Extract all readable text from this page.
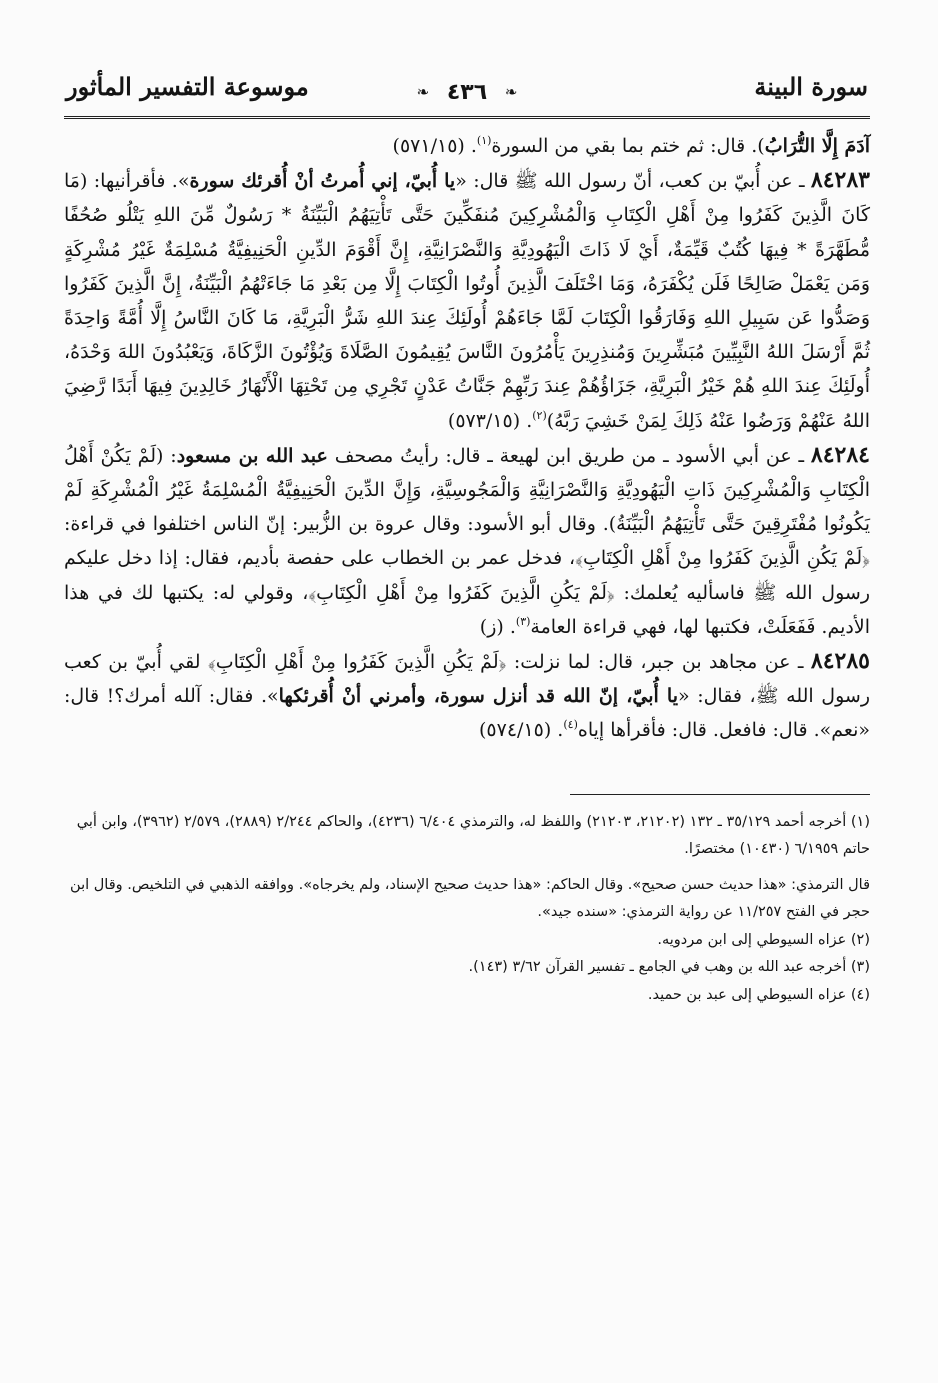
سورة البينة
❧ ٤٣٦ ❧
موسوعة التفسير المأثور

آدَمَ إِلَّا التُّرَابُ). قال: ثم ختم بما بقي من السورة$^{(١)}$. (٥٧١/١٥)

٨٤٢٨٣ ـ عن أُبيّ بن كعب، أنّ رسول الله ﷺ قال: «يا أُبيّ، إني أُمرتُ أنْ أُقرئك سورة». فأقرأنيها: (مَا كَانَ الَّذِينَ كَفَرُوا مِنْ أَهْلِ الْكِتَابِ وَالْمُشْرِكِينَ مُنفَكِّينَ حَتَّى تَأْتِيَهُمُ الْبَيِّنَةُ * رَسُولٌ مِّنَ اللهِ يَتْلُو صُحُفًا مُّطَهَّرَةً * فِيهَا كُتُبٌ قَيِّمَةٌ، أَيْ لَا ذَاتَ الْيَهُودِيَّةِ وَالنَّصْرَانِيَّةِ، إِنَّ أَقْوَمَ الدِّينِ الْحَنِيفِيَّةُ مُسْلِمَةٌ غَيْرُ مُشْرِكَةٍ وَمَن يَعْمَلْ صَالِحًا فَلَن يُكْفَرَهُ، وَمَا اخْتَلَفَ الَّذِينَ أُوتُوا الْكِتَابَ إِلَّا مِن بَعْدِ مَا جَاءَتْهُمُ الْبَيِّنَةُ، إِنَّ الَّذِينَ كَفَرُوا وَصَدُّوا عَن سَبِيلِ اللهِ وَفَارَقُوا الْكِتَابَ لَمَّا جَاءَهُمْ أُولَئِكَ عِندَ اللهِ شَرُّ الْبَرِيَّةِ، مَا كَانَ النَّاسُ إِلَّا أُمَّةً وَاحِدَةً ثُمَّ أَرْسَلَ اللهُ النَّبِيِّينَ مُبَشِّرِينَ وَمُنذِرِينَ يَأْمُرُونَ النَّاسَ يُقِيمُونَ الصَّلَاةَ وَيُؤْتُونَ الزَّكَاةَ، وَيَعْبُدُونَ اللهَ وَحْدَهُ، أُولَئِكَ عِندَ اللهِ هُمْ خَيْرُ الْبَرِيَّةِ، جَزَاؤُهُمْ عِندَ رَبِّهِمْ جَنَّاتُ عَدْنٍ تَجْرِي مِن تَحْتِهَا الْأَنْهَارُ خَالِدِينَ فِيهَا أَبَدًا رَّضِيَ اللهُ عَنْهُمْ وَرَضُوا عَنْهُ ذَلِكَ لِمَنْ خَشِيَ رَبَّهُ)$^{(٢)}$. (٥٧٣/١٥)

٨٤٢٨٤ ـ عن أبي الأسود ـ من طريق ابن لهيعة ـ قال: رأيتُ مصحف عبد الله بن مسعود: (لَمْ يَكُنْ أَهْلُ الْكِتَابِ وَالْمُشْرِكِينَ ذَاتِ الْيَهُودِيَّةِ وَالنَّصْرَانِيَّةِ وَالْمَجُوسِيَّةِ، وَإِنَّ الدِّينَ الْحَنِيفِيَّةُ الْمُسْلِمَةُ غَيْرُ الْمُشْرِكَةِ لَمْ يَكُونُوا مُفْتَرِقِينَ حَتَّى تَأْتِيَهُمُ الْبَيِّنَةُ). وقال أبو الأسود: وقال عروة بن الزُّبير: إنّ الناس اختلفوا في قراءة: ﴿لَمْ يَكُنِ الَّذِينَ كَفَرُوا مِنْ أَهْلِ الْكِتَابِ﴾، فدخل عمر بن الخطاب على حفصة بأديم، فقال: إذا دخل عليكم رسول الله ﷺ فاسأليه يُعلمك: ﴿لَمْ يَكُنِ الَّذِينَ كَفَرُوا مِنْ أَهْلِ الْكِتَابِ﴾، وقولي له: يكتبها لك في هذا الأديم. فَفَعَلَتْ، فكتبها لها، فهي قراءة العامة$^{(٣)}$. (ز)

٨٤٢٨٥ ـ عن مجاهد بن جبر، قال: لما نزلت: ﴿لَمْ يَكُنِ الَّذِينَ كَفَرُوا مِنْ أَهْلِ الْكِتَابِ﴾ لقي أُبيّ بن كعب رسول الله ﷺ، فقال: «يا أُبيّ، إنّ الله قد أنزل سورة، وأمرني أنْ أُقرئكها». فقال: آلله أمرك؟! قال: «نعم». قال: فافعل. قال: فأقرأها إياه$^{(٤)}$. (٥٧٤/١٥)

(١) أخرجه أحمد ٣٥/١٢٩ ـ ١٣٢ (٢١٢٠٢، ٢١٢٠٣) واللفظ له، والترمذي ٦/٤٠٤ (٤٢٣٦)، والحاكم ٢/٢٤٤ (٢٨٨٩)، ٢/٥٧٩ (٣٩٦٢)، وابن أبي حاتم ٦/١٩٥٩ (١٠٤٣٠) مختصرًا.

قال الترمذي: «هذا حديث حسن صحيح». وقال الحاكم: «هذا حديث صحيح الإسناد، ولم يخرجاه». ووافقه الذهبي في التلخيص. وقال ابن حجر في الفتح ١١/٢٥٧ عن رواية الترمذي: «سنده جيد».

(٢) عزاه السيوطي إلى ابن مردويه.

(٣) أخرجه عبد الله بن وهب في الجامع ـ تفسير القرآن ٣/٦٢ (١٤٣).

(٤) عزاه السيوطي إلى عبد بن حميد.
